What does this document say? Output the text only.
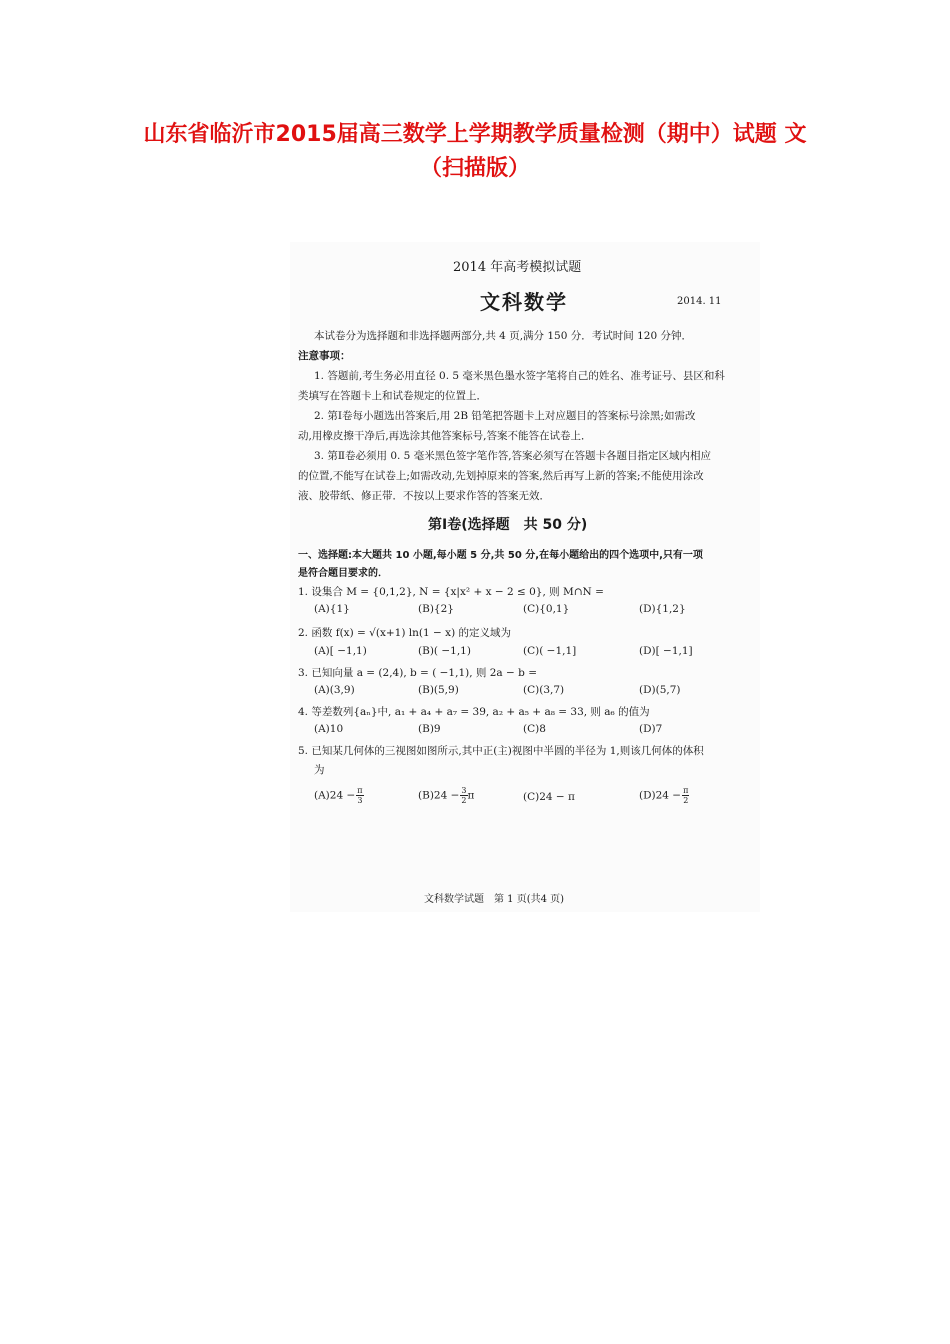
山东省临沂市2015届高三数学上学期教学质量检测（期中）试题 文
（扫描版）
2014 年高考模拟试题
文科数学	2014. 11
本试卷分为选择题和非选择题两部分,共 4 页,满分 150 分．考试时间 120 分钟．
注意事项：
1. 答题前,考生务必用直径 0. 5 毫米黑色墨水签字笔将自己的姓名、准考证号、县区和科
类填写在答题卡上和试卷规定的位置上．
2. 第Ⅰ卷每小题选出答案后,用 2B 铅笔把答题卡上对应题目的答案标号涂黑;如需改
动,用橡皮擦干净后,再选涂其他答案标号,答案不能答在试卷上．
3. 第Ⅱ卷必须用 0. 5 毫米黑色签字笔作答,答案必须写在答题卡各题目指定区域内相应
的位置,不能写在试卷上;如需改动,先划掉原来的答案,然后再写上新的答案;不能使用涂改
液、胶带纸、修正带．不按以上要求作答的答案无效．
第Ⅰ卷(选择题　共 50 分)
一、选择题:本大题共 10 小题,每小题 5 分,共 50 分,在每小题给出的四个选项中,只有一项
是符合题目要求的．
1. 设集合 M = {0,1,2}, N = {x|x² + x − 2 ≤ 0}, 则 M∩N =
(A){1}	(B){2}	(C){0,1}	(D){1,2}
2. 函数 f(x) = √(x+1) ln(1 − x) 的定义域为
(A)[ −1,1)	(B)( −1,1)	(C)( −1,1]	(D)[ −1,1]
3. 已知向量 a = (2,4), b = ( −1,1), 则 2a − b =
(A)(3,9)	(B)(5,9)	(C)(3,7)	(D)(5,7)
4. 等差数列{aₙ}中, a₁ + a₄ + a₇ = 39, a₂ + a₅ + a₈ = 33, 则 a₆ 的值为
(A)10	(B)9	(C)8	(D)7
5. 已知某几何体的三视图如图所示,其中正(主)视图中半圆的半径为 1,则该几何体的体积
为
$(A)24 - \frac{\pi}{3}$	$(B)24 - \frac{3}{2}$ π	(C)24 − π	$(D)24 - \frac{\pi}{2}$
文科数学试题　第 1 页(共4 页)
